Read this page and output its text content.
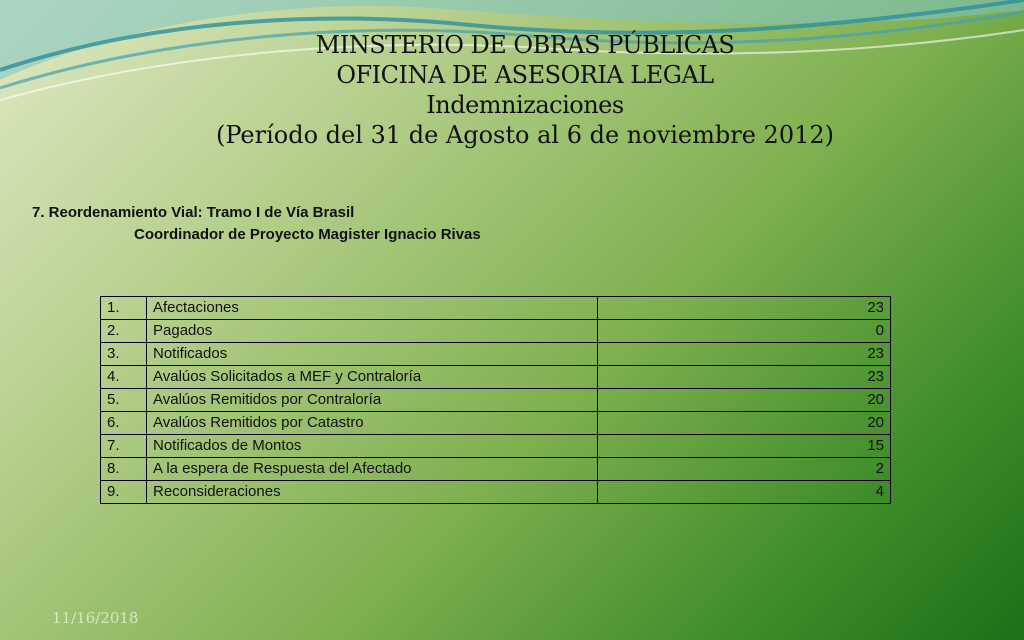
MINSTERIO DE OBRAS PÚBLICAS
OFICINA DE ASESORIA LEGAL
Indemnizaciones
(Período del 31 de Agosto al 6 de noviembre 2012)
7. Reordenamiento Vial: Tramo I de Vía Brasil
Coordinador de Proyecto Magister Ignacio Rivas
1.	Afectaciones	23
2.	Pagados	0
3.	Notificados	23
4.	Avalúos Solicitados a MEF y Contraloría	23
5.	Avalúos Remitidos por Contraloría	20
6.	Avalúos Remitidos por Catastro	20
7.	Notificados de Montos	15
8.	A la espera de Respuesta del Afectado	2
9.	Reconsideraciones	4
11/16/2018
